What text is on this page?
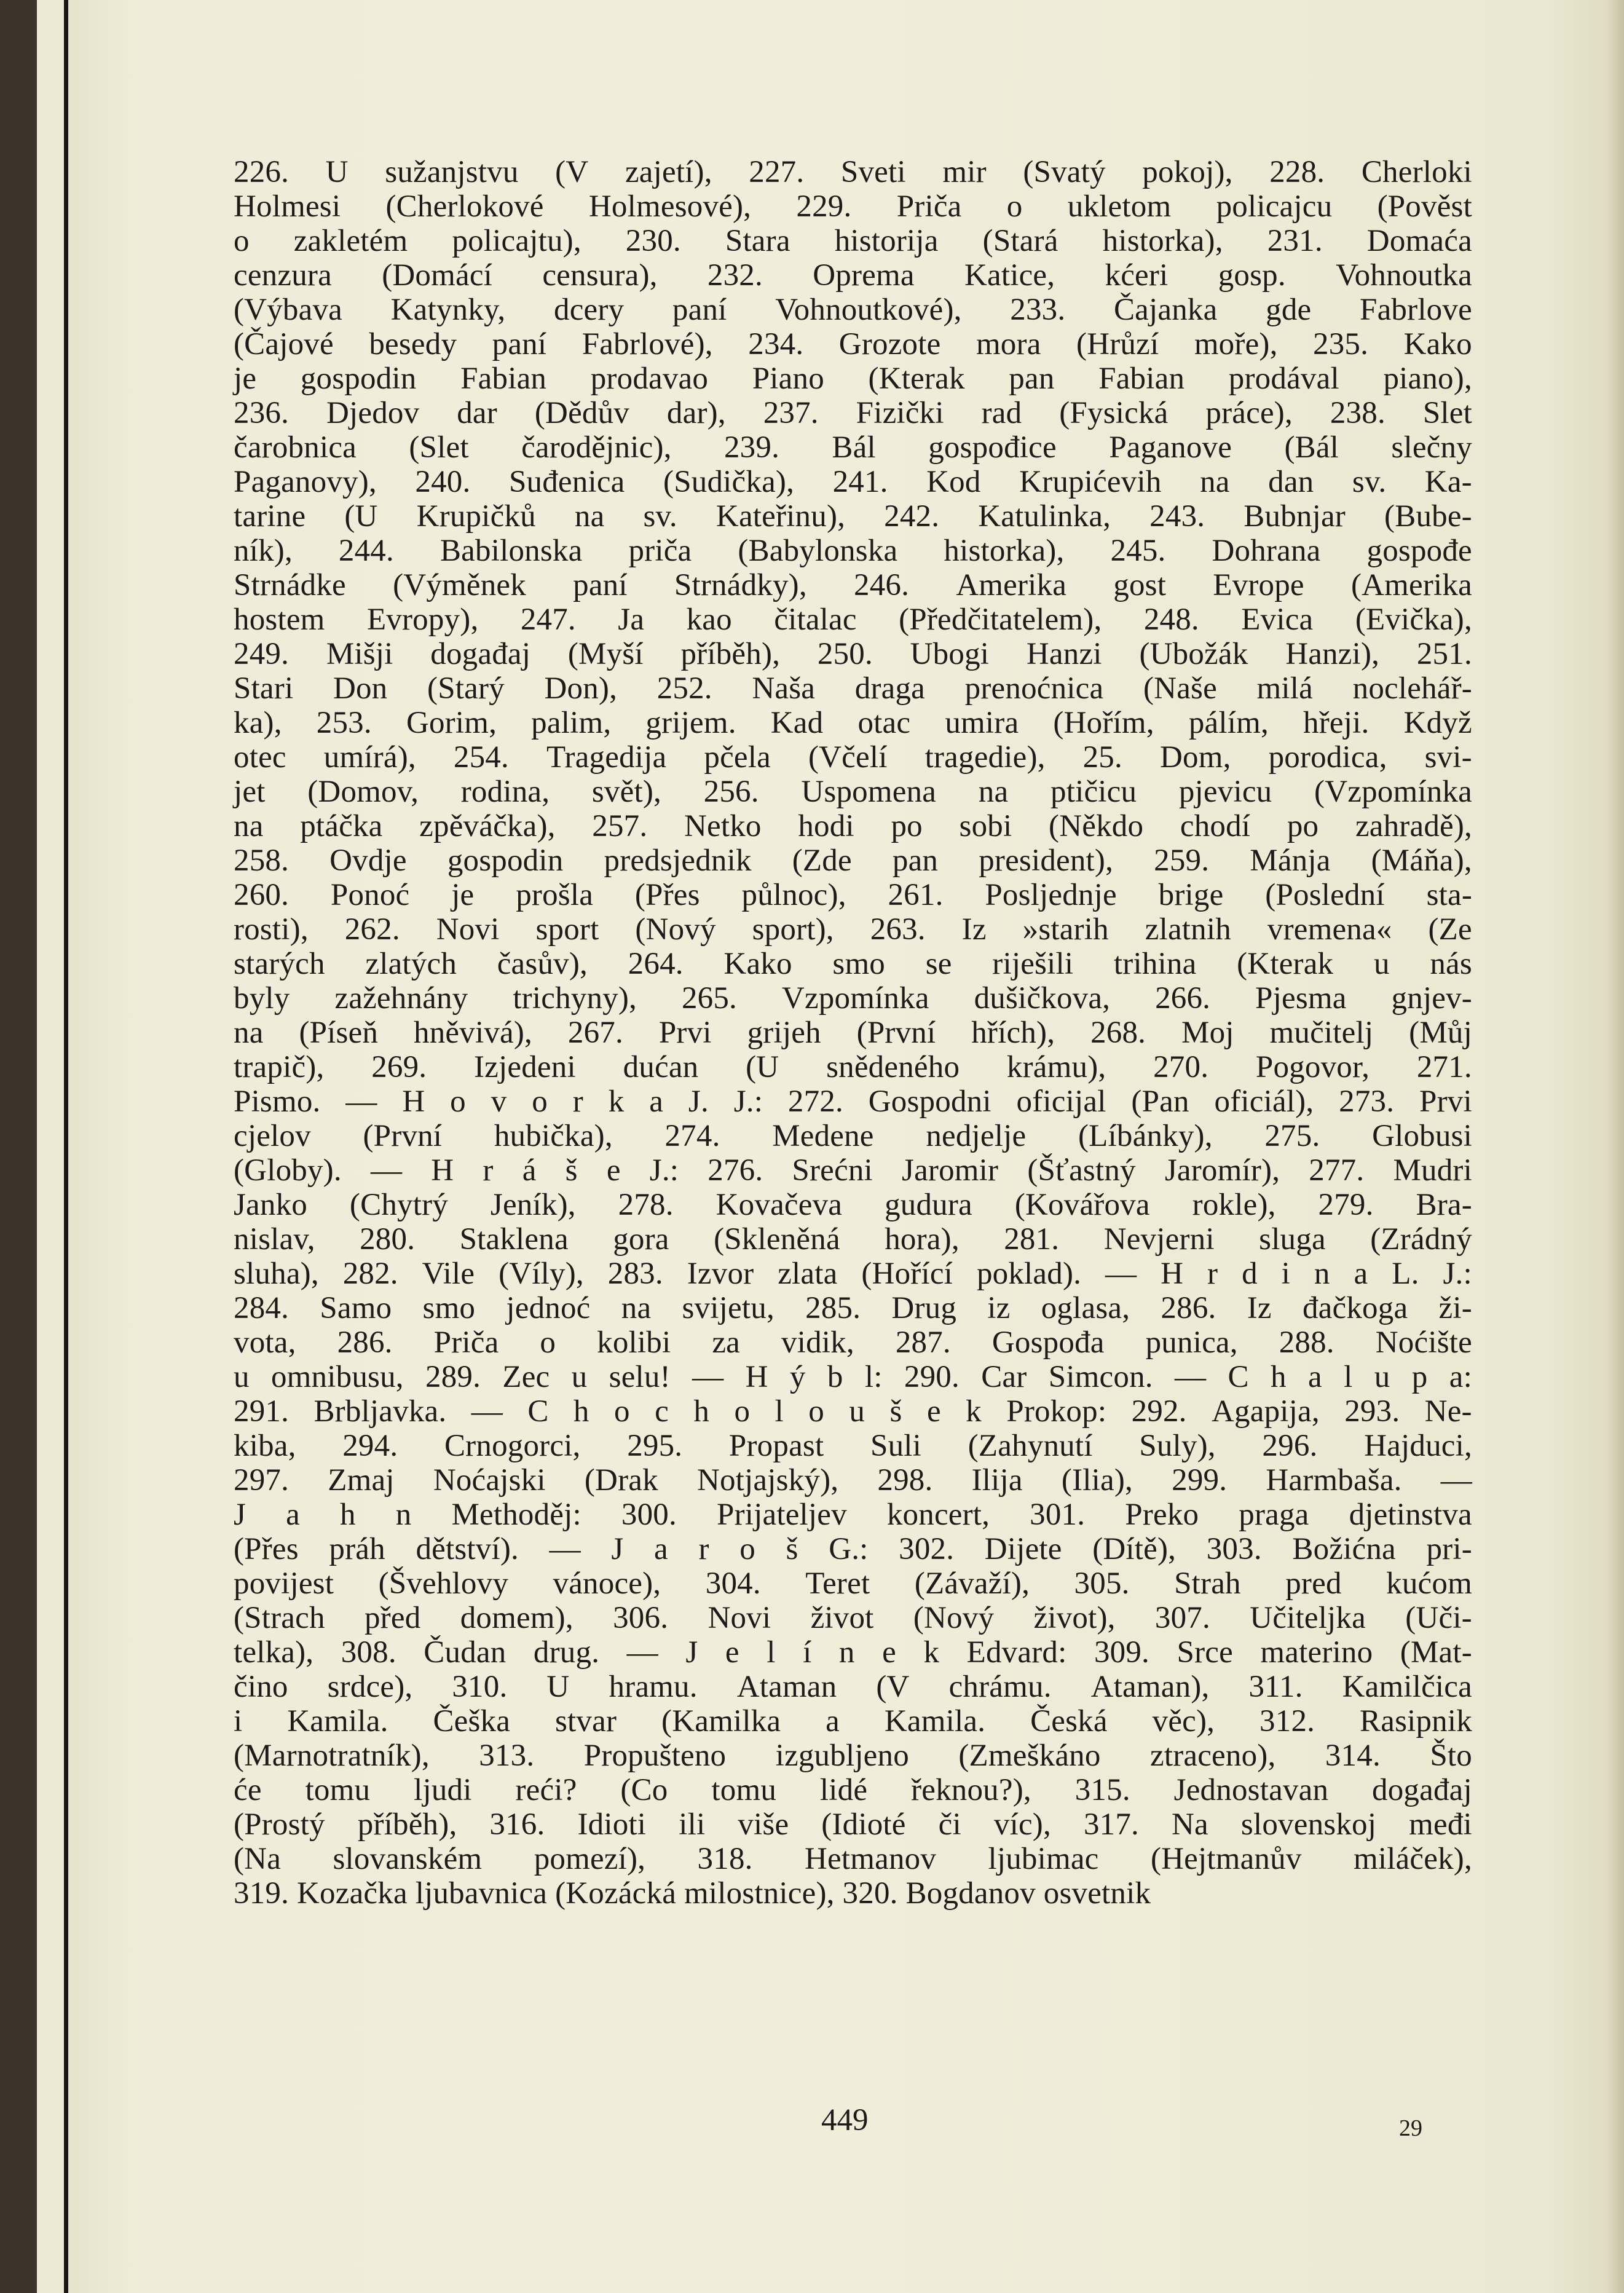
226. U sužanjstvu (V zajetí), 227. Sveti mir (Svatý pokoj), 228. Cherloki
Holmesi (Cherlokové Holmesové), 229. Priča o ukletom policajcu (Pověst
o zakletém policajtu), 230. Stara historija (Stará historka), 231. Domaća
cenzura (Domácí censura), 232. Oprema Katice, kćeri gosp. Vohnoutka
(Výbava Katynky, dcery paní Vohnoutkové), 233. Čajanka gde Fabrlove
(Čajové besedy paní Fabrlové), 234. Grozote mora (Hrůzí moře), 235. Kako
je gospodin Fabian prodavao Piano (Kterak pan Fabian prodával piano),
236. Djedov dar (Dědův dar), 237. Fizički rad (Fysická práce), 238. Slet
čarobnica (Slet čarodějnic), 239. Bál gospođice Paganove (Bál slečny
Paganovy), 240. Suđenica (Sudička), 241. Kod Krupićevih na dan sv. Ka-
tarine (U Krupičků na sv. Kateřinu), 242. Katulinka, 243. Bubnjar (Bube-
ník), 244. Babilonska priča (Babylonska historka), 245. Dohrana gospođe
Strnádke (Výměnek paní Strnádky), 246. Amerika gost Evrope (Amerika
hostem Evropy), 247. Ja kao čitalac (Předčitatelem), 248. Evica (Evička),
249. Mišji događaj (Myší příběh), 250. Ubogi Hanzi (Ubožák Hanzi), 251.
Stari Don (Starý Don), 252. Naša draga prenoćnica (Naše milá noclehář-
ka), 253. Gorim, palim, grijem. Kad otac umira (Hořím, pálím, hřeji. Když
otec umírá), 254. Tragedija pčela (Včelí tragedie), 25. Dom, porodica, svi-
jet (Domov, rodina, svět), 256. Uspomena na ptičicu pjevicu (Vzpomínka
na ptáčka zpěváčka), 257. Netko hodi po sobi (Někdo chodí po zahradě),
258. Ovdje gospodin predsjednik (Zde pan president), 259. Mánja (Máňa),
260. Ponoć je prošla (Přes půlnoc), 261. Posljednje brige (Poslední sta-
rosti), 262. Novi sport (Nový sport), 263. Iz »starih zlatnih vremena« (Ze
starých zlatých časův), 264. Kako smo se riješili trihina (Kterak u nás
byly zažehnány trichyny), 265. Vzpomínka dušičkova, 266. Pjesma gnjev-
na (Píseň hněvivá), 267. Prvi grijeh (První hřích), 268. Moj mučitelj (Můj
trapič), 269. Izjedeni dućan (U snědeného krámu), 270. Pogovor, 271.
Pismo. — H o v o r k a J. J.: 272. Gospodni oficijal (Pan oficiál), 273. Prvi
cjelov (První hubička), 274. Medene nedjelje (Líbánky), 275. Globusi
(Globy). — H r á š e J.: 276. Srećni Jaromir (Šťastný Jaromír), 277. Mudri
Janko (Chytrý Jeník), 278. Kovačeva gudura (Kovářova rokle), 279. Bra-
nislav, 280. Staklena gora (Skleněná hora), 281. Nevjerni sluga (Zrádný
sluha), 282. Vile (Víly), 283. Izvor zlata (Hořící poklad). — H r d i n a L. J.:
284. Samo smo jednoć na svijetu, 285. Drug iz oglasa, 286. Iz đačkoga ži-
vota, 286. Priča o kolibi za vidik, 287. Gospođa punica, 288. Noćište
u omnibusu, 289. Zec u selu! — H ý b l: 290. Car Simcon. — C h a l u p a:
291. Brbljavka. — C h o c h o l o u š e k Prokop: 292. Agapija, 293. Ne-
kiba, 294. Crnogorci, 295. Propast Suli (Zahynutí Suly), 296. Hajduci,
297. Zmaj Noćajski (Drak Notjajský), 298. Ilija (Ilia), 299. Harmbaša. —
J a h n Methoděj: 300. Prijateljev koncert, 301. Preko praga djetinstva
(Přes práh dětství). — J a r o š G.: 302. Dijete (Dítě), 303. Božićna pri-
povijest (Švehlovy vánoce), 304. Teret (Závaží), 305. Strah pred kućom
(Strach před domem), 306. Novi život (Nový život), 307. Učiteljka (Uči-
telka), 308. Čudan drug. — J e l í n e k Edvard: 309. Srce materino (Mat-
čino srdce), 310. U hramu. Ataman (V chrámu. Ataman), 311. Kamilčica
i Kamila. Češka stvar (Kamilka a Kamila. Česká věc), 312. Rasipnik
(Marnotratník), 313. Propušteno izgubljeno (Zmeškáno ztraceno), 314. Što
će tomu ljudi reći? (Co tomu lidé řeknou?), 315. Jednostavan događaj
(Prostý příběh), 316. Idioti ili više (Idioté či víc), 317. Na slovenskoj međi
(Na slovanském pomezí), 318. Hetmanov ljubimac (Hejtmanův miláček),
319. Kozačka ljubavnica (Kozácká milostnice), 320. Bogdanov osvetnik
449	29
